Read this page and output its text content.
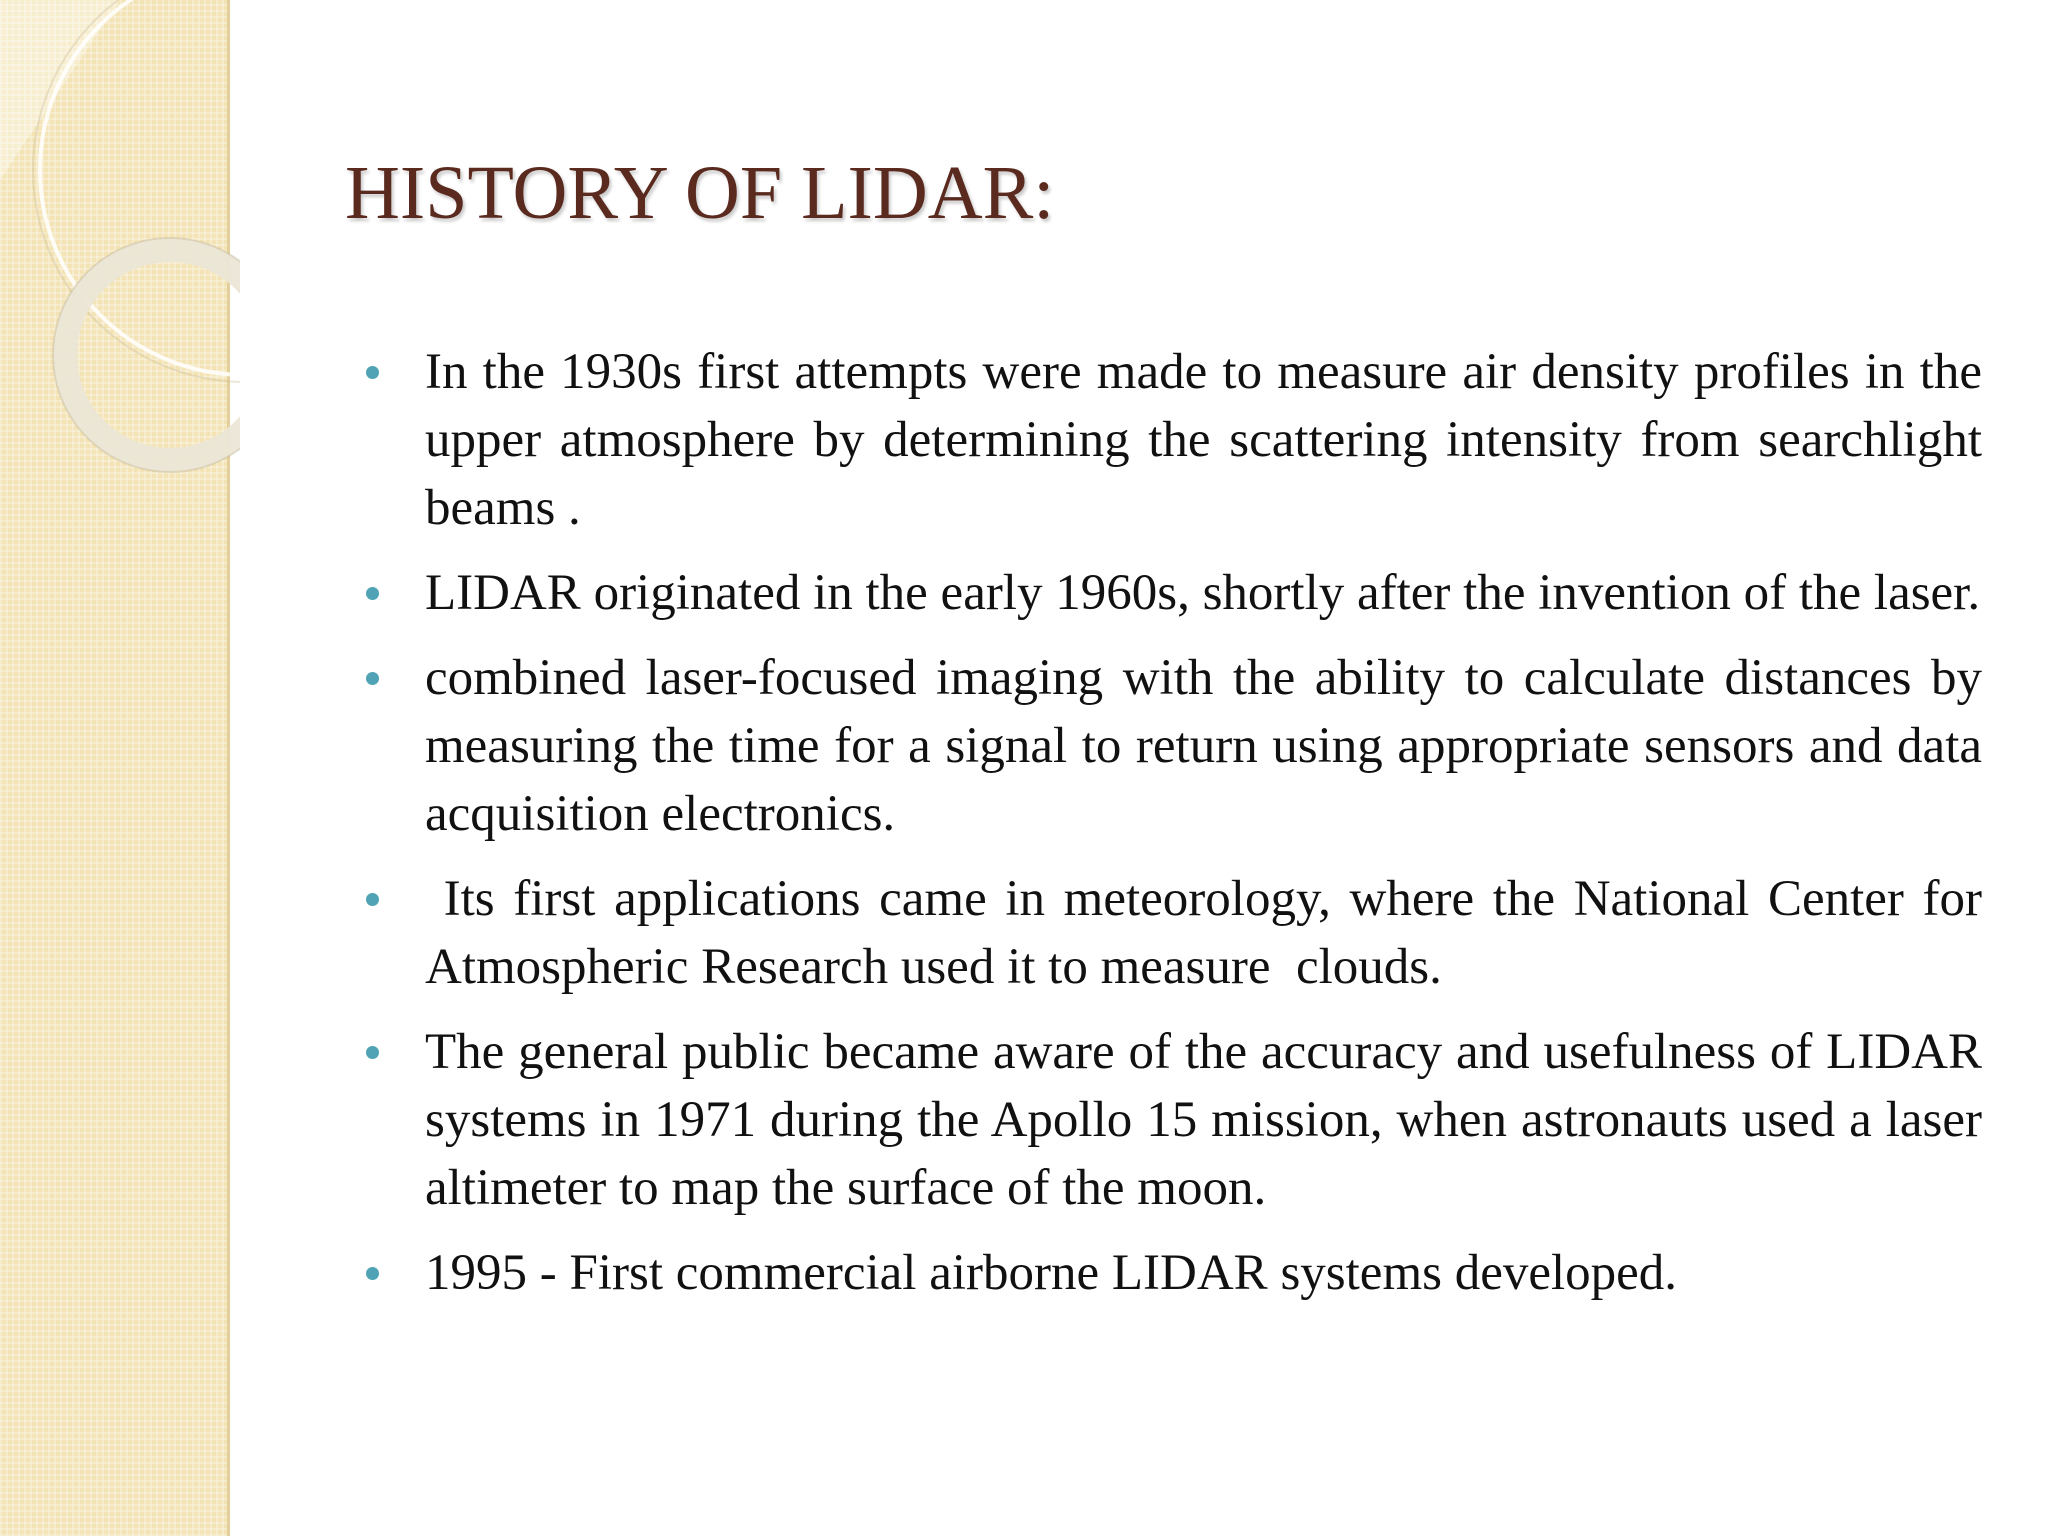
HISTORY OF LIDAR:
In the 1930s first attempts were made to measure air density profiles in the upper atmosphere by determining the scattering intensity from searchlight beams .
LIDAR originated in the early 1960s, shortly after the invention of the laser.
combined laser-focused imaging with the ability to calculate distances by measuring the time for a signal to return using appropriate sensors and data acquisition electronics.
Its first applications came in meteorology, where the National Center for Atmospheric Research used it to measure  clouds.
The general public became aware of the accuracy and usefulness of LIDAR systems in 1971 during the Apollo 15 mission, when astronauts used a laser altimeter to map the surface of the moon.
1995 - First commercial airborne LIDAR systems developed.
